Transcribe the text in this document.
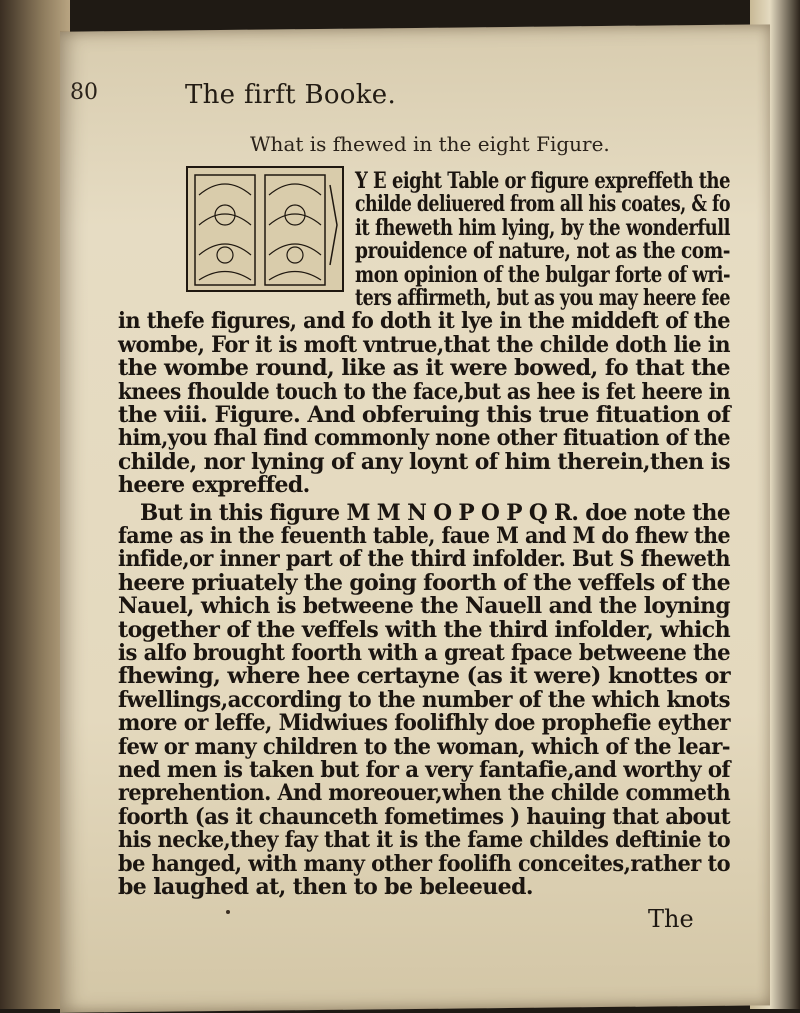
80	The firft Booke.
What is fhewed in the eight Figure.
The
Y E eight Table or figure expreffeth the
childe deliuered from all his coates, & fo
it fheweth him lying, by the wonderfull
prouidence of nature, not as the com-
mon opinion of the bulgar forte of wri-
ters affirmeth, but as you may heere fee
in thefe figures, and fo doth it lye in the middeft of the
wombe, For it is moft vntrue,that the childe doth lie in
the wombe round, like as it were bowed, fo that the
knees fhoulde touch to the face,but as hee is fet heere in
the viii. Figure. And obferuing this true fituation of
him,you fhal find commonly none other fituation of the
childe, nor lyning of any loynt of him therein,then is
heere expreffed.
But in this figure M M N O P O P Q R. doe note the
fame as in the feuenth table, faue M and M do fhew the
infide,or inner part of the third infolder. But S fheweth
heere priuately the going foorth of the veffels of the
Nauel, which is betweene the Nauell and the loyning
together of the veffels with the third infolder, which
is alfo brought foorth with a great fpace betweene the
fhewing, where hee certayne (as it were) knottes or
fwellings,according to the number of the which knots
more or leffe, Midwiues foolifhly doe prophefie eyther
few or many children to the woman, which of the lear-
ned men is taken but for a very fantafie,and worthy of
reprehention. And moreouer,when the childe commeth
foorth (as it chaunceth fometimes ) hauing that about
his necke,they fay that it is the fame childes deftinie to
be hanged, with many other foolifh conceites,rather to
be laughed at, then to be beleeued.
